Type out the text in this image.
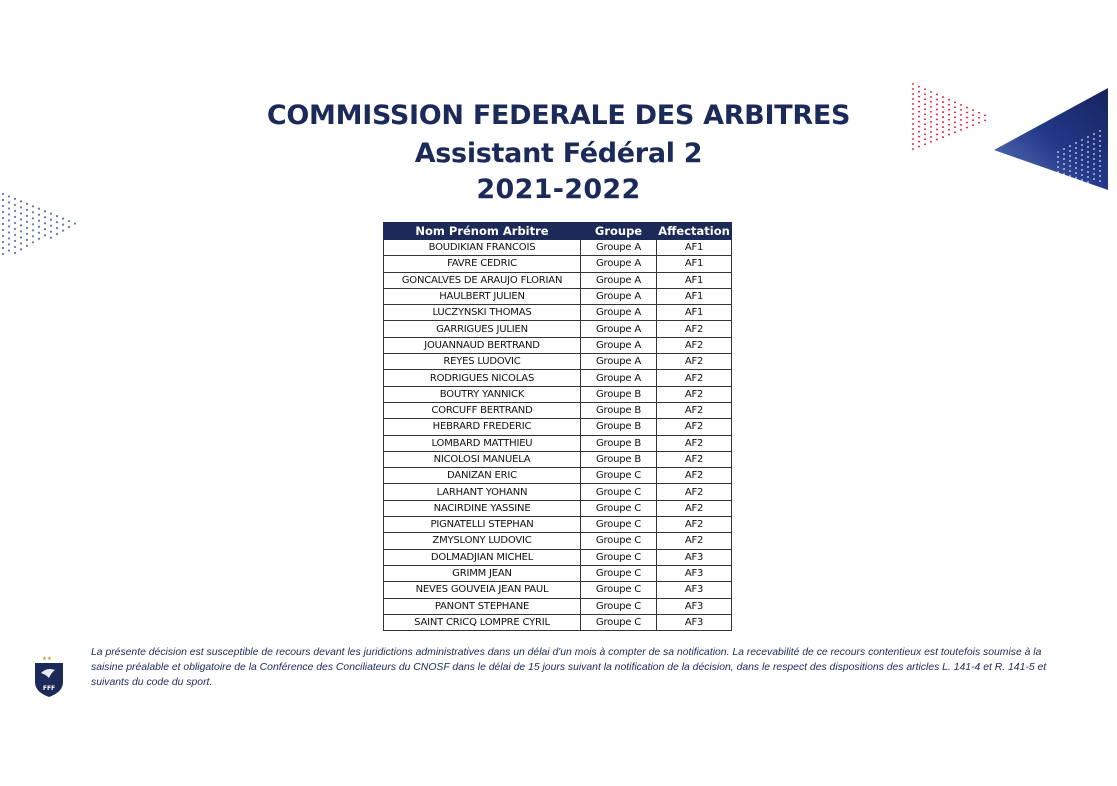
COMMISSION FEDERALE DES ARBITRES
Assistant Fédéral 2
2021-2022
Nom Prénom Arbitre	Groupe	Affectation
BOUDIKIAN FRANCOIS	Groupe A	AF1
FAVRE CEDRIC	Groupe A	AF1
GONCALVES DE ARAUJO FLORIAN	Groupe A	AF1
HAULBERT JULIEN	Groupe A	AF1
LUCZYNSKI THOMAS	Groupe A	AF1
GARRIGUES JULIEN	Groupe A	AF2
JOUANNAUD BERTRAND	Groupe A	AF2
REYES LUDOVIC	Groupe A	AF2
RODRIGUES NICOLAS	Groupe A	AF2
BOUTRY YANNICK	Groupe B	AF2
CORCUFF BERTRAND	Groupe B	AF2
HEBRARD FREDERIC	Groupe B	AF2
LOMBARD MATTHIEU	Groupe B	AF2
NICOLOSI MANUELA	Groupe B	AF2
DANIZAN ERIC	Groupe C	AF2
LARHANT YOHANN	Groupe C	AF2
NACIRDINE YASSINE	Groupe C	AF2
PIGNATELLI STEPHAN	Groupe C	AF2
ZMYSLONY LUDOVIC	Groupe C	AF2
DOLMADJIAN MICHEL	Groupe C	AF3
GRIMM JEAN	Groupe C	AF3
NEVES GOUVEIA JEAN PAUL	Groupe C	AF3
PANONT STEPHANE	Groupe C	AF3
SAINT CRICQ LOMPRE CYRIL	Groupe C	AF3
FFF
La présente décision est susceptible de recours devant les juridictions administratives dans un délai d'un mois à compter de sa notification. La recevabilité de ce recours contentieux est toutefois soumise à la saisine préalable et obligatoire de la Conférence des Conciliateurs du CNOSF dans le délai de 15 jours suivant la notification de la décision, dans le respect des dispositions des articles L. 141-4 et R. 141-5 et suivants du code du sport.
